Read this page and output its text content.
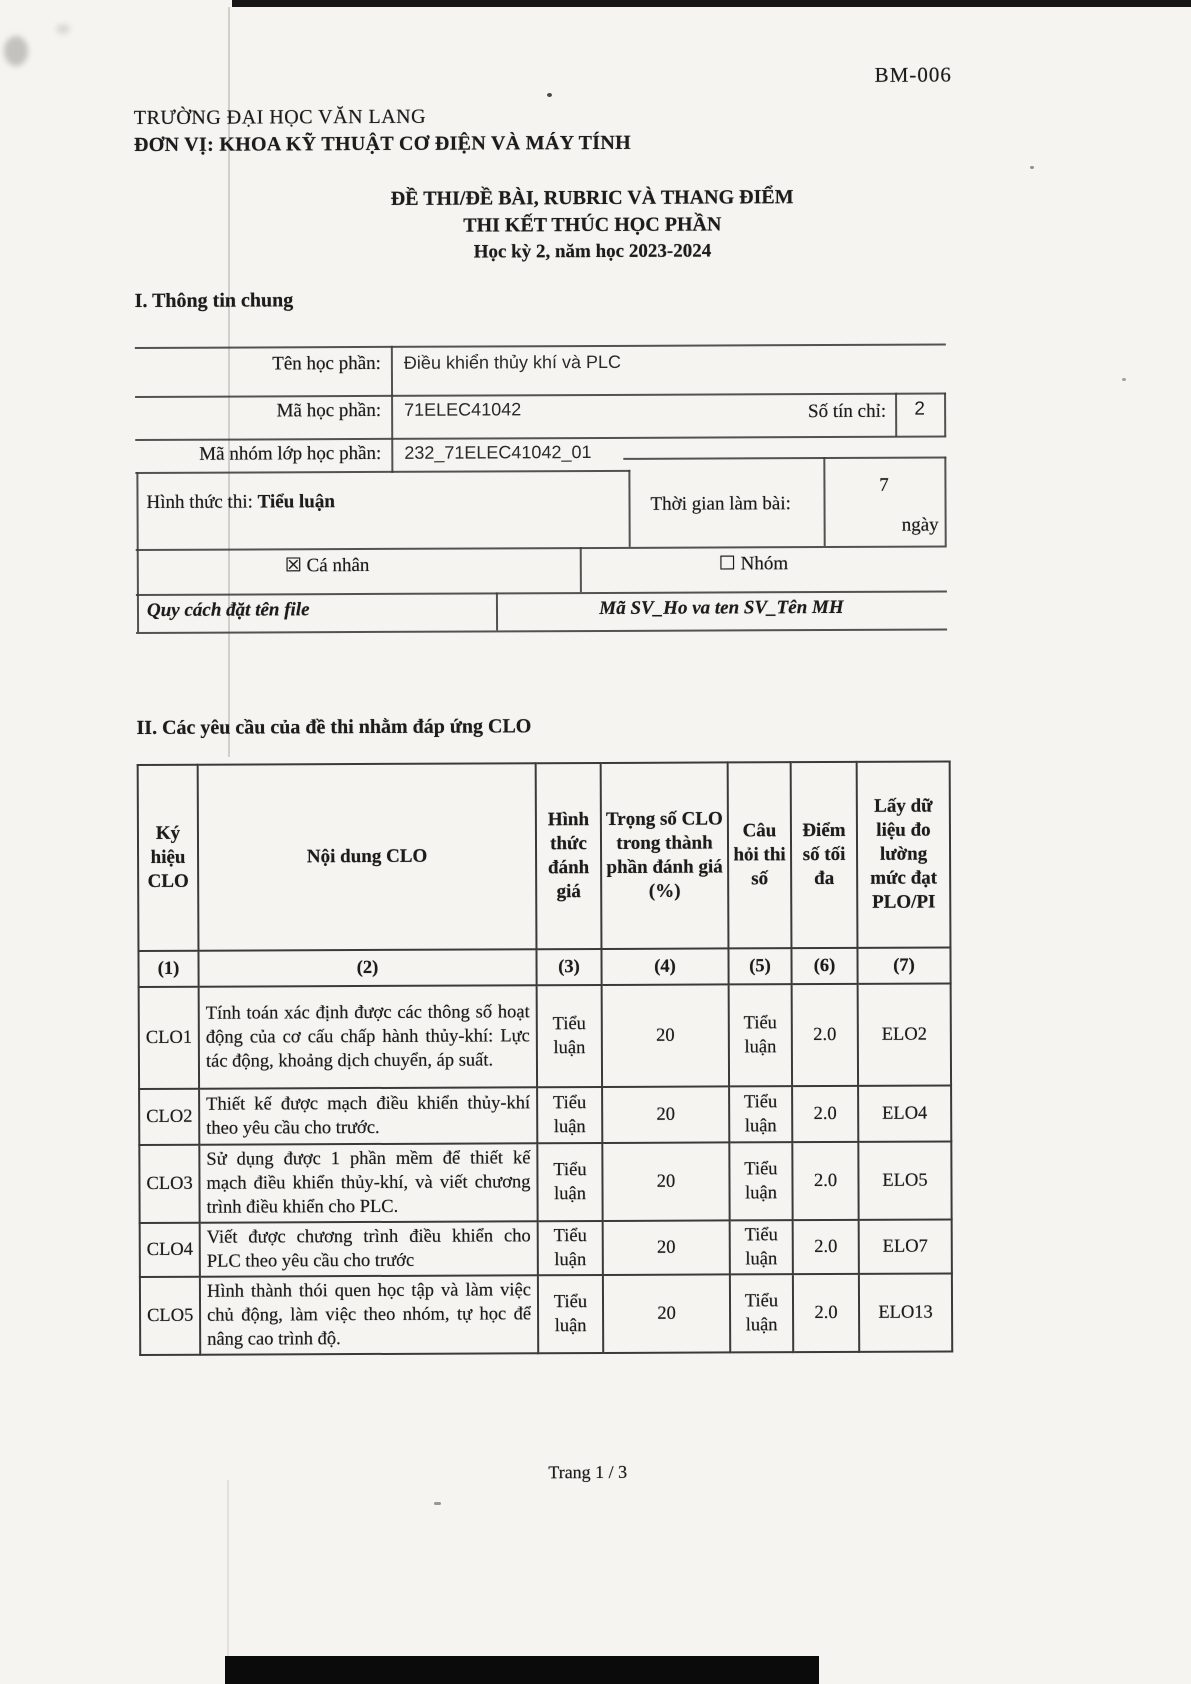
BM-006
TRƯỜNG ĐẠI HỌC VĂN LANG
ĐƠN VỊ: KHOA KỸ THUẬT CƠ ĐIỆN VÀ MÁY TÍNH
ĐỀ THI/ĐỀ BÀI, RUBRIC VÀ THANG ĐIỂM
THI KẾT THÚC HỌC PHẦN
Học kỳ 2, năm học 2023-2024
I. Thông tin chung
Tên học phần: Điều khiển thủy khí và PLC
Mã học phần: 71ELEC41042	Số tín chỉ:	2
Mã nhóm lớp học phần: 232_71ELEC41042_01
Hình thức thi: Tiểu luận	Thời gian làm bài:
7
ngày
☒ Cá nhân	☐ Nhóm
Quy cách đặt tên file	Mã SV_Ho va ten SV_Tên MH
II. Các yêu cầu của đề thi nhằm đáp ứng CLO
Ký hiệu CLO	Nội dung CLO	Hình thức đánh giá	Trọng số CLO trong thành phần đánh giá (%)	Câu hỏi thi số	Điểm số tối đa	Lấy dữ liệu đo lường mức đạt PLO/PI
(1)	(2)	(3)	(4)	(5)	(6)	(7)
CLO1	Tính toán xác định được các thông số hoạt động của cơ cấu chấp hành thủy-khí: Lực tác động, khoảng dịch chuyển, áp suất.	Tiểu luận	20	Tiểu luận	2.0	ELO2
CLO2	Thiết kế được mạch điều khiển thủy-khí theo yêu cầu cho trước.	Tiểu luận	20	Tiểu luận	2.0	ELO4
CLO3	Sử dụng được 1 phần mềm để thiết kế mạch điều khiển thủy-khí, và viết chương trình điều khiển cho PLC.	Tiểu luận	20	Tiểu luận	2.0	ELO5
CLO4	Viết được chương trình điều khiển cho PLC theo yêu cầu cho trước	Tiểu luận	20	Tiểu luận	2.0	ELO7
CLO5	Hình thành thói quen học tập và làm việc chủ động, làm việc theo nhóm, tự học để nâng cao trình độ.	Tiểu luận	20	Tiểu luận	2.0	ELO13
Trang 1 / 3
